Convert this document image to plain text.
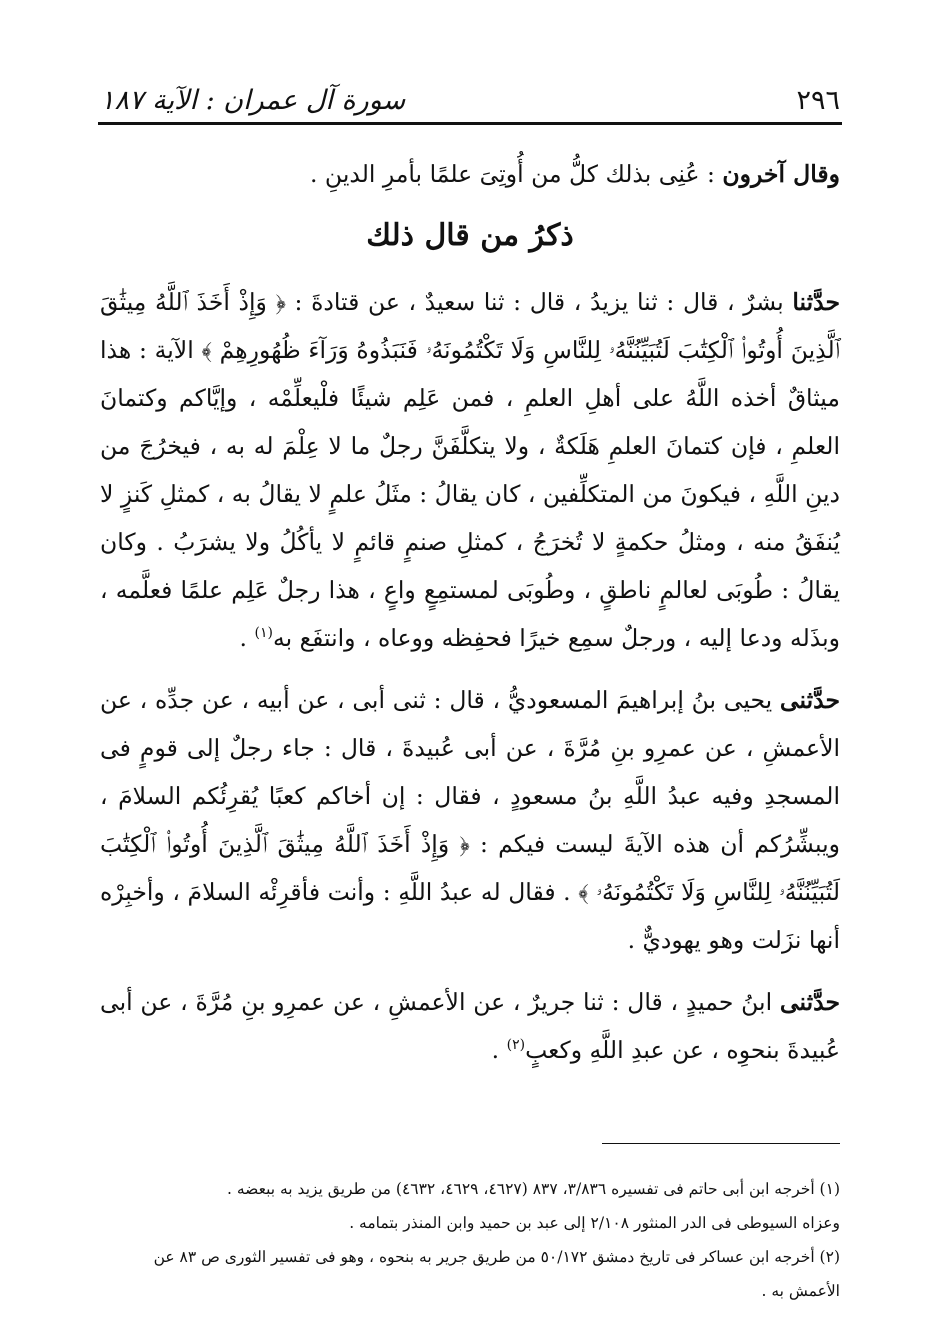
٢٩٦
سورة آل عمران : الآية ١٨٧

وقال آخرون : عُنِى بذلك كلُّ من أُوتِىَ علمًا بأمرِ الدينِ .

ذكرُ من قال ذلك

حدَّثنا بشرٌ ، قال : ثنا يزيدُ ، قال : ثنا سعيدٌ ، عن قتادةَ : ﴿ وَإِذْ أَخَذَ ٱللَّهُ مِيثَٰقَ ٱلَّذِينَ أُوتُوا۟ ٱلْكِتَٰبَ لَتُبَيِّنُنَّهُۥ لِلنَّاسِ وَلَا تَكْتُمُونَهُۥ فَنَبَذُوهُ وَرَآءَ ظُهُورِهِمْ ﴾ الآية : هذا ميثاقٌ أخذه اللَّهُ على أهلِ العلمِ ، فمن عَلِم شيئًا فلْيعلِّمْه ، وإيَّاكم وكتمانَ العلمِ ، فإن كتمانَ العلمِ هَلَكةٌ ، ولا يتكلَّفَنَّ رجلٌ ما لا عِلْمَ له به ، فيخرُجَ من دينِ اللَّهِ ، فيكونَ من المتكلِّفين ، كان يقالُ : مثَلُ علمٍ لا يقالُ به ، كمثلِ كَنزٍ لا يُنفَقُ منه ، ومثلُ حكمةٍ لا تُخرَجُ ، كمثلِ صنمٍ قائمٍ لا يأكُلُ ولا يشرَبُ . وكان يقالُ : طُوبَى لعالمٍ ناطقٍ ، وطُوبَى لمستمِعٍ واعٍ ، هذا رجلٌ عَلِم علمًا فعلَّمه ، وبذَله ودعا إليه ، ورجلٌ سمِع خيرًا فحفِظه ووعاه ، وانتفَع به$^{(١)}$ .

حدَّثنى يحيى بنُ إبراهيمَ المسعوديُّ ، قال : ثنى أبى ، عن أبيه ، عن جدِّه ، عن الأعمشِ ، عن عمرِو بنِ مُرَّةَ ، عن أبى عُبيدةَ ، قال : جاء رجلٌ إلى قومٍ فى المسجدِ وفيه عبدُ اللَّهِ بنُ مسعودٍ ، فقال : إن أخاكم كعبًا يُقرِئُكم السلامَ ، ويبشِّرُكم أن هذه الآيةَ ليست فيكم : ﴿ وَإِذْ أَخَذَ ٱللَّهُ مِيثَٰقَ ٱلَّذِينَ أُوتُوا۟ ٱلْكِتَٰبَ لَتُبَيِّنُنَّهُۥ لِلنَّاسِ وَلَا تَكْتُمُونَهُۥ ﴾ . فقال له عبدُ اللَّهِ : وأنت فأقرِئْه السلامَ ، وأخبِرْه أنها نزَلت وهو يهوديٌّ .

حدَّثنى ابنُ حميدٍ ، قال : ثنا جريرٌ ، عن الأعمشِ ، عن عمرِو بنِ مُرَّةَ ، عن أبى عُبيدةَ بنحوِه ، عن عبدِ اللَّهِ وكعبٍ$^{(٢)}$ .

(١) أخرجه ابن أبى حاتم فى تفسيره ٣/٨٣٦، ٨٣٧ (٤٦٢٧، ٤٦٢٩، ٤٦٣٢) من طريق يزيد به ببعضه .

وعزاه السيوطى فى الدر المنثور ٢/١٠٨ إلى عبد بن حميد وابن المنذر بتمامه .

(٢) أخرجه ابن عساكر فى تاريخ دمشق ٥٠/١٧٢ من طريق جرير به بنحوه ، وهو فى تفسير الثورى ص ٨٣ عن الأعمش به .
